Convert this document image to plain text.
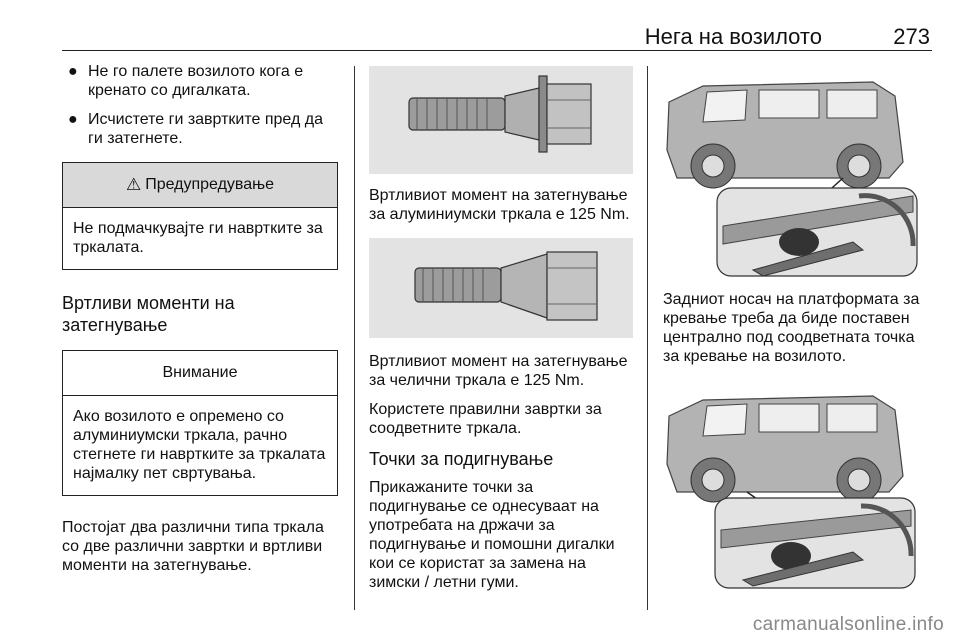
Нега на возилото	273
● Не го палете возилото кога е кренато со дигалката.
● Исчистете ги завртките пред да ги затегнете.
⚠ Предупредување
Не подмачкувајте ги навртките за тркалата.
Вртливи моменти на затегнување
Внимание
Ако возилото е опремено со алуминиумски тркала, рачно стегнете ги навртките за тркалата најмалку пет свртувања.

Постојат два различни типа тркала со две различни завртки и вртливи моменти на затегнување.

Вртливиот момент на затегнување за алуминиумски тркала е 125 Nm.

Вртливиот момент на затегнување за челични тркала е 125 Nm.

Користете правилни завртки за соодветните тркала.

Точки за подигнување

Прикажаните точки за подигнување се однесуваат на употребата на држачи за подигнување и помошни дигалки кои се користат за замена на зимски / летни гуми.

Задниот носач на платформата за кревање треба да биде поставен централно под соодветната точка за кревање на возилото.

carmanualsonline.info
